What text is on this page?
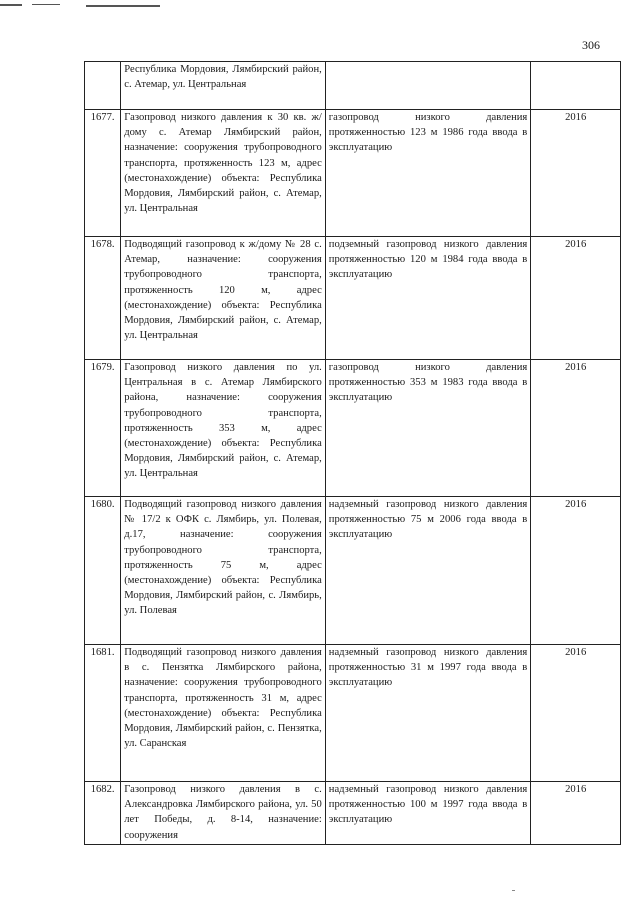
306
	Республика Мордовия, Лямбирский район, с. Атемар, ул. Центральная		
1677.	Газопровод низкого давления к 30 кв. ж/дому с. Атемар Лямбирский район, назначение: сооружения трубопроводного транспорта, протяженность 123 м, адрес (местонахождение) объекта: Республика Мордовия, Лямбирский район, с. Атемар, ул. Центральная	газопровод низкого давления протяженностью 123 м 1986 года ввода в эксплуатацию	2016
1678.	Подводящий газопровод к ж/дому № 28 с. Атемар, назначение: сооружения трубопроводного транспорта, протяженность 120 м, адрес (местонахождение) объекта: Республика Мордовия, Лямбирский район, с. Атемар, ул. Центральная	подземный газопровод низкого давления протяженностью 120 м 1984 года ввода в эксплуатацию	2016
1679.	Газопровод низкого давления по ул. Центральная в с. Атемар Лямбирского района, назначение: сооружения трубопроводного транспорта, протяженность 353 м, адрес (местонахождение) объекта: Республика Мордовия, Лямбирский район, с. Атемар, ул. Центральная	газопровод низкого давления протяженностью 353 м 1983 года ввода в эксплуатацию	2016
1680.	Подводящий газопровод низкого давления № 17/2 к ОФК с. Лямбирь, ул. Полевая, д.17, назначение: сооружения трубопроводного транспорта, протяженность 75 м, адрес (местонахождение) объекта: Республика Мордовия, Лямбирский район, с. Лямбирь, ул. Полевая	надземный газопровод низкого давления протяженностью 75 м 2006 года ввода в эксплуатацию	2016
1681.	Подводящий газопровод низкого давления в с. Пензятка Лямбирского района, назначение: сооружения трубопроводного транспорта, протяженность 31 м, адрес (местонахождение) объекта: Республика Мордовия, Лямбирский район, с. Пензятка, ул. Саранская	надземный газопровод низкого давления протяженностью 31 м 1997 года ввода в эксплуатацию	2016
1682.	Газопровод низкого давления в с. Александровка Лямбирского района, ул. 50 лет Победы, д. 8-14, назначение: сооружения	надземный газопровод низкого давления протяженностью 100 м 1997 года ввода в эксплуатацию	2016
